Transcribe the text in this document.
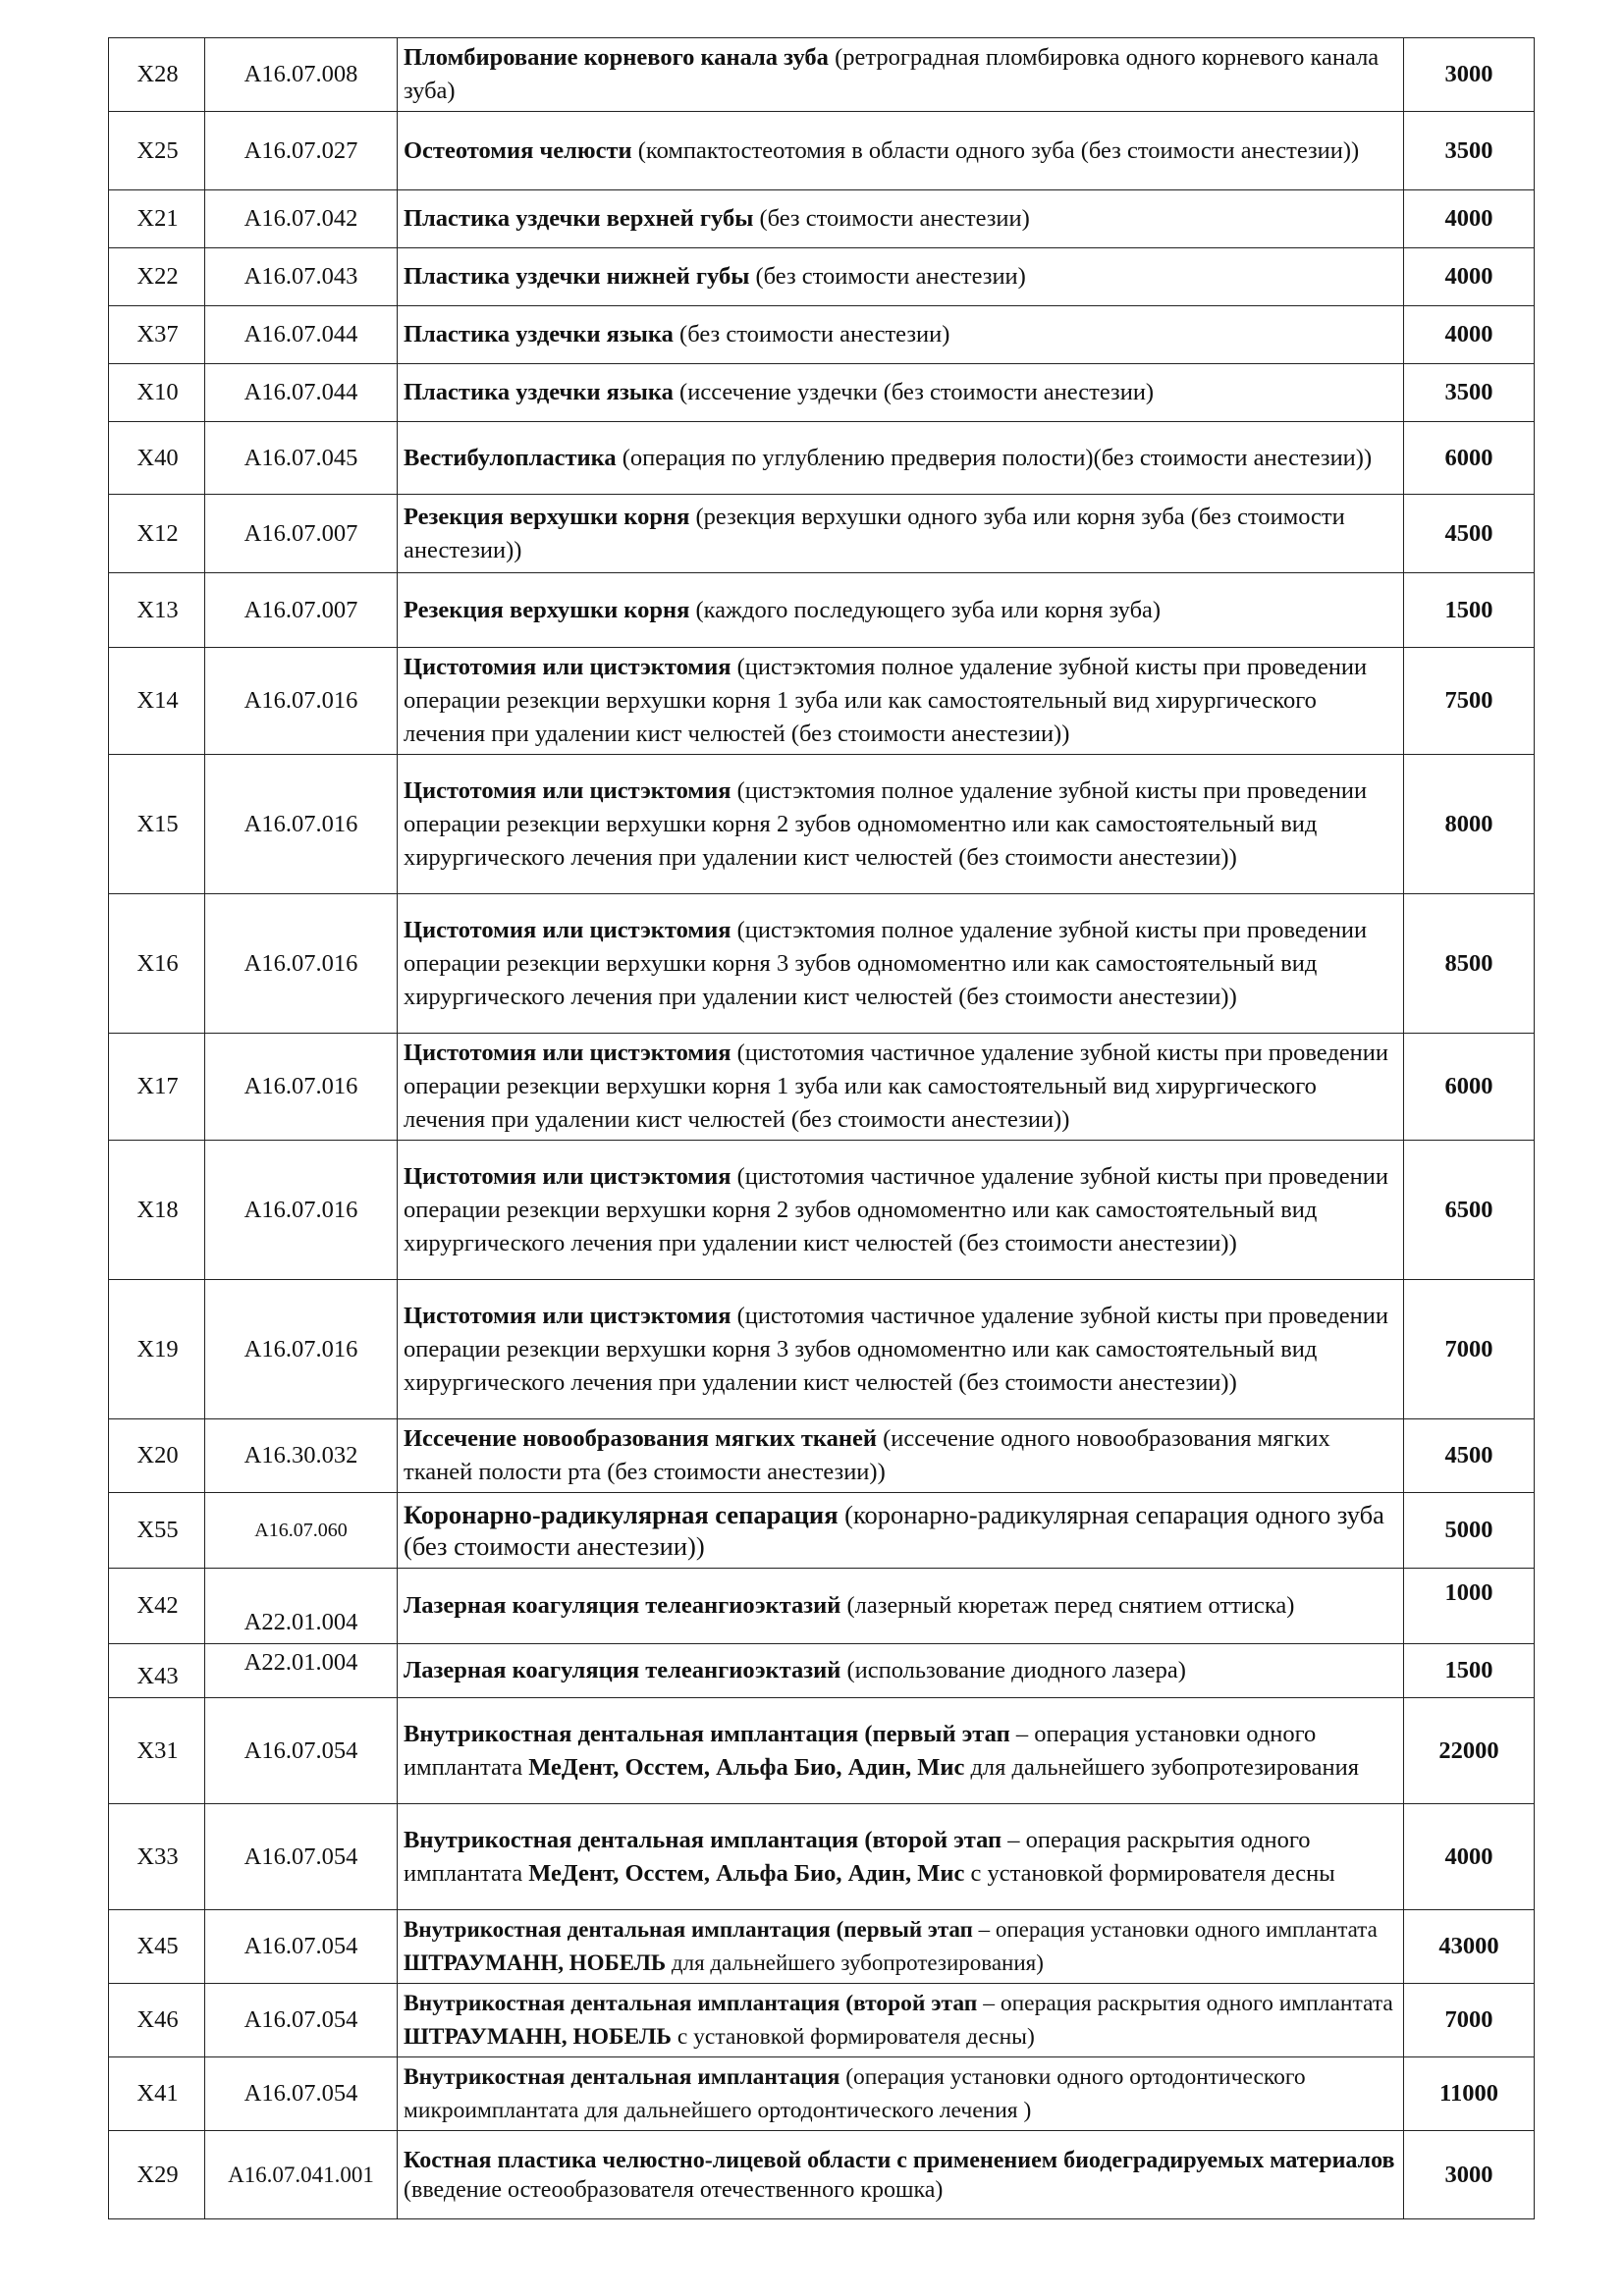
Х28	А16.07.008	Пломбирование корневого канала зуба (ретроградная пломбировка одного корневого канала зуба)	3000
Х25	А16.07.027	Остеотомия челюсти (компактостеотомия в области одного зуба (без стоимости анестезии))	3500
Х21	А16.07.042	Пластика уздечки верхней губы (без стоимости анестезии)	4000
Х22	А16.07.043	Пластика уздечки нижней губы (без стоимости анестезии)	4000
Х37	А16.07.044	Пластика уздечки языка (без стоимости анестезии)	4000
Х10	А16.07.044	Пластика уздечки языка (иссечение уздечки (без стоимости анестезии)	3500
Х40	А16.07.045	Вестибулопластика (операция по углублению предверия полости)(без стоимости анестезии))	6000
Х12	А16.07.007	Резекция верхушки корня (резекция верхушки одного зуба или корня зуба (без стоимости анестезии))	4500
Х13	А16.07.007	Резекция верхушки корня (каждого последующего зуба или корня зуба)	1500
Х14	А16.07.016	Цистотомия или цистэктомия (цистэктомия полное удаление зубной кисты при проведении операции резекции верхушки корня 1 зуба или как самостоятельный вид хирургического лечения при удалении кист челюстей (без стоимости анестезии))	7500
Х15	А16.07.016	Цистотомия или цистэктомия (цистэктомия полное удаление зубной кисты при проведении операции резекции верхушки корня 2 зубов одномоментно или как самостоятельный вид хирургического лечения при удалении кист челюстей (без стоимости анестезии))	8000
Х16	А16.07.016	Цистотомия или цистэктомия (цистэктомия полное удаление зубной кисты при проведении операции резекции верхушки корня 3 зубов одномоментно или как самостоятельный вид хирургического лечения при удалении кист челюстей (без стоимости анестезии))	8500
Х17	А16.07.016	Цистотомия или цистэктомия (цистотомия частичное удаление зубной кисты при проведении операции резекции верхушки корня 1 зуба или как самостоятельный вид хирургического лечения при удалении кист челюстей (без стоимости анестезии))	6000
Х18	А16.07.016	Цистотомия или цистэктомия (цистотомия частичное удаление зубной кисты при проведении операции резекции верхушки корня 2 зубов одномоментно или как самостоятельный вид хирургического лечения при удалении кист челюстей (без стоимости анестезии))	6500
Х19	А16.07.016	Цистотомия или цистэктомия (цистотомия частичное удаление зубной кисты при проведении операции резекции верхушки корня 3 зубов одномоментно или как самостоятельный вид хирургического лечения при удалении кист челюстей (без стоимости анестезии))	7000
Х20	А16.30.032	Иссечение новообразования мягких тканей (иссечение одного новообразования мягких тканей полости рта (без стоимости анестезии))	4500
Х55	А16.07.060	Коронарно-радикулярная сепарация (коронарно-радикулярная сепарация одного зуба (без стоимости анестезии))	5000
Х42	А22.01.004	Лазерная коагуляция телеангиоэктазий (лазерный кюретаж перед снятием оттиска)	1000
Х43	А22.01.004	Лазерная коагуляция телеангиоэктазий (использование диодного лазера)	1500
Х31	А16.07.054	Внутрикостная дентальная имплантация (первый этап – операция установки одного имплантата МеДент, Осстем, Альфа Био, Адин, Мис для дальнейшего зубопротезирования	22000
Х33	А16.07.054	Внутрикостная дентальная имплантация (второй этап – операция раскрытия одного имплантата МеДент, Осстем, Альфа Био, Адин, Мис с установкой формирователя десны	4000
Х45	А16.07.054	Внутрикостная дентальная имплантация (первый этап – операция установки одного имплантата ШТРАУМАНН, НОБЕЛЬ для дальнейшего зубопротезирования)	43000
Х46	А16.07.054	Внутрикостная дентальная имплантация (второй этап – операция раскрытия одного имплантата ШТРАУМАНН, НОБЕЛЬ с установкой формирователя десны)	7000
Х41	А16.07.054	Внутрикостная дентальная имплантация (операция установки одного ортодонтического микроимплантата для дальнейшего ортодонтического лечения )	11000
Х29	А16.07.041.001	Костная пластика челюстно-лицевой области с применением биодеградируемых материалов (введение остеообразователя отечественного крошка)	3000
